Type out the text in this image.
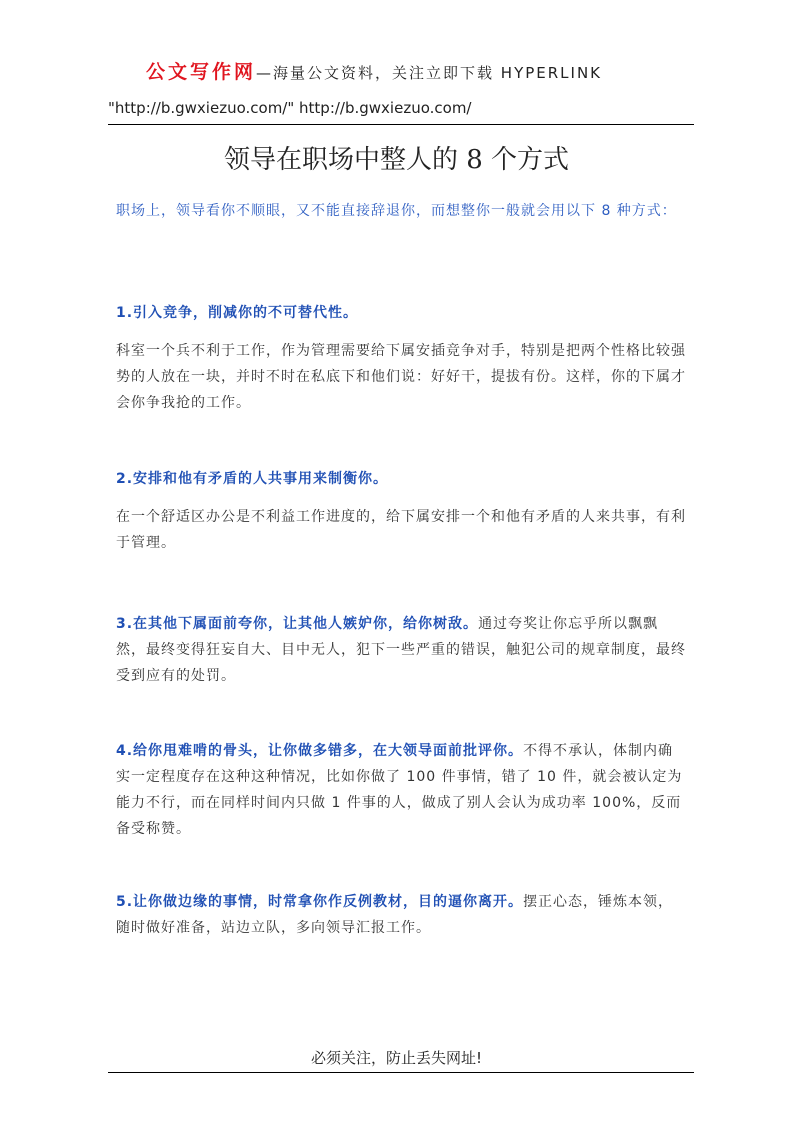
公文写作网—海量公文资料，关注立即下载 HYPERLINK
"http://b.gwxiezuo.com/" http://b.gwxiezuo.com/
领导在职场中整人的 8 个方式
职场上，领导看你不顺眼，又不能直接辞退你，而想整你一般就会用以下 8 种方式：
1.引入竞争，削减你的不可替代性。
科室一个兵不利于工作，作为管理需要给下属安插竞争对手，特别是把两个性格比较强势的人放在一块，并时不时在私底下和他们说：好好干，提拔有份。这样，你的下属才会你争我抢的工作。
2.安排和他有矛盾的人共事用来制衡你。
在一个舒适区办公是不利益工作进度的，给下属安排一个和他有矛盾的人来共事，有利于管理。
3.在其他下属面前夸你，让其他人嫉妒你，给你树敌。通过夸奖让你忘乎所以飘飘然，最终变得狂妄自大、目中无人，犯下一些严重的错误，触犯公司的规章制度，最终受到应有的处罚。
4.给你甩难啃的骨头，让你做多错多，在大领导面前批评你。不得不承认，体制内确实一定程度存在这种这种情况，比如你做了 100 件事情，错了 10 件，就会被认定为能力不行，而在同样时间内只做 1 件事的人，做成了别人会认为成功率 100%，反而备受称赞。
5.让你做边缘的事情，时常拿你作反例教材，目的逼你离开。摆正心态，锤炼本领，随时做好准备，站边立队，多向领导汇报工作。
必须关注，防止丢失网址!
